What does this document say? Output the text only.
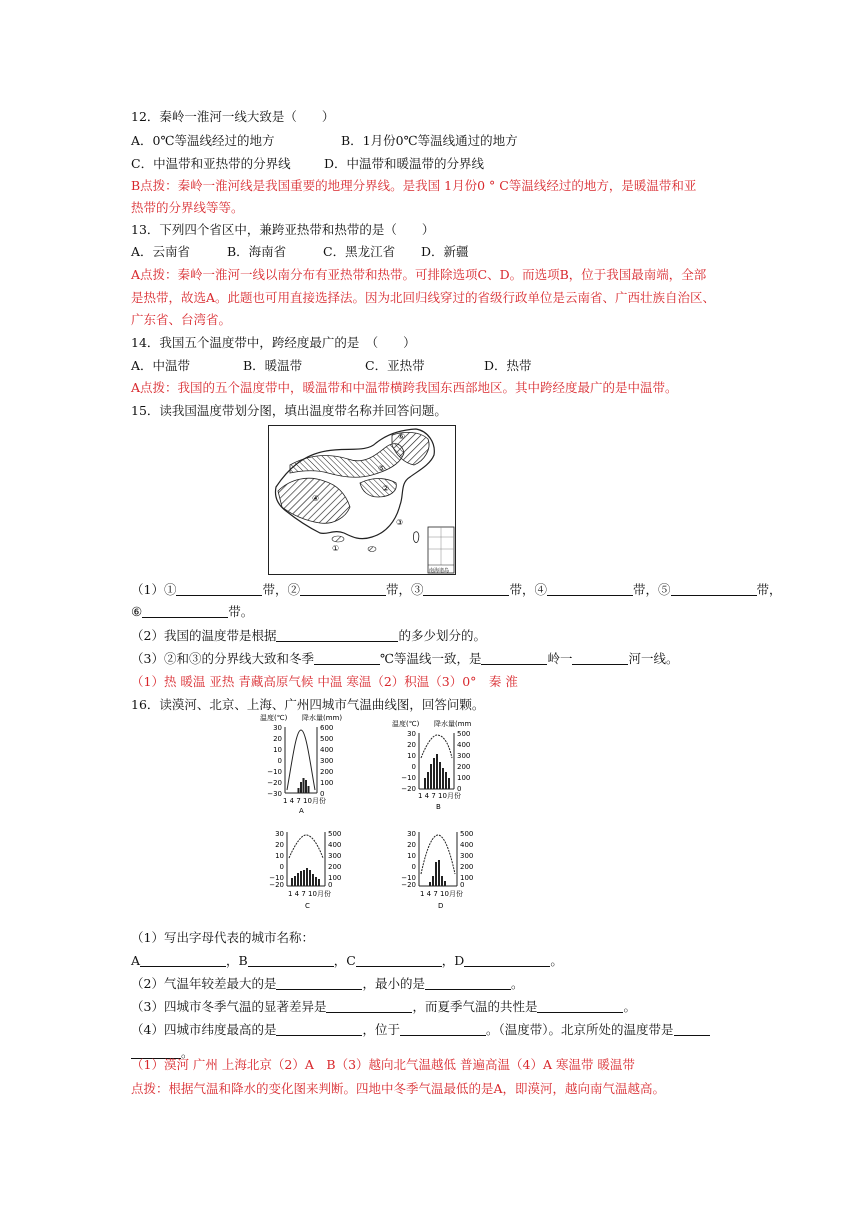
12．秦岭一淮河一线大致是（　　）
A．0℃等温线经过的地方	B．1月份0℃等温线通过的地方
C．中温带和亚热带的分界线	D．中温带和暖温带的分界线
B点拨：秦岭一淮河线是我国重要的地理分界线。是我国 1月份0 ° C等温线经过的地方，是暖温带和亚
热带的分界线等等。
13．下列四个省区中，兼跨亚热带和热带的是（　　）
A．云南省	B．海南省	C．黑龙江省 D．新疆
A点拨：秦岭一淮河一线以南分布有亚热带和热带。可排除选项C、D。而选项B，位于我国最南端，全部
是热带，故选A。此题也可用直接选择法。因为北回归线穿过的省级行政单位是云南省、广西壮族自治区、
广东省、台湾省。
14．我国五个温度带中，跨经度最广的是　（　　）
A．中温带	B．暖温带	C．亚热带	D．热带
A点拨：我国的五个温度带中，暖温带和中温带横跨我国东西部地区。其中跨经度最广的是中温带。
15．读我国温度带划分图，填出温度带名称并回答问题。
①
②
③
④
⑤
⑥
南海诸岛
（1）①	带，②	带，③	带，④	带，⑤	带，
⑥	带。
（2）我国的温度带是根据	的多少划分的。
（3）②和③的分界线大致和冬季	℃等温线一致，是	岭一	河一线。
（1）热 暖温 亚热 青藏高原气候 中温 寒温（2）积温（3）0°　秦 淮
16．读漠河、北京、上海、广州四城市气温曲线图，回答问颗。
温度(℃) 降水量(mm)
30
20
10
0
−10
−20
−30
600
500
400
300
200
100
0
1 4 7 10月份
A
温度(℃) 降水量(mm
30
20
10
0
−10
−20
500
400
300
200
100
0
1 4 7 10月份
B
30
20
10
0
−10
−20
500
400
300
200
100
0
1 4 7 10月份
C
30
20
10
0
−10
−20
500
400
300
200
100
0
1 4 7 10月份
D
（1）写出字母代表的城市名称：
A	，B	，C	，D	。
（2）气温年较差最大的是	，最小的是	。
（3）四城市冬季气温的显著差异是	，而夏季气温的共性是	。
（4）四城市纬度最高的是	，位于	。（温度带）。北京所处的温度带是
。
（1）漠河 广州 上海北京（2）A　B（3）越向北气温越低 普遍高温（4）A 寒温带 暖温带
点拨：根据气温和降水的变化图来判断。四地中冬季气温最低的是A，即漠河，越向南气温越高。
